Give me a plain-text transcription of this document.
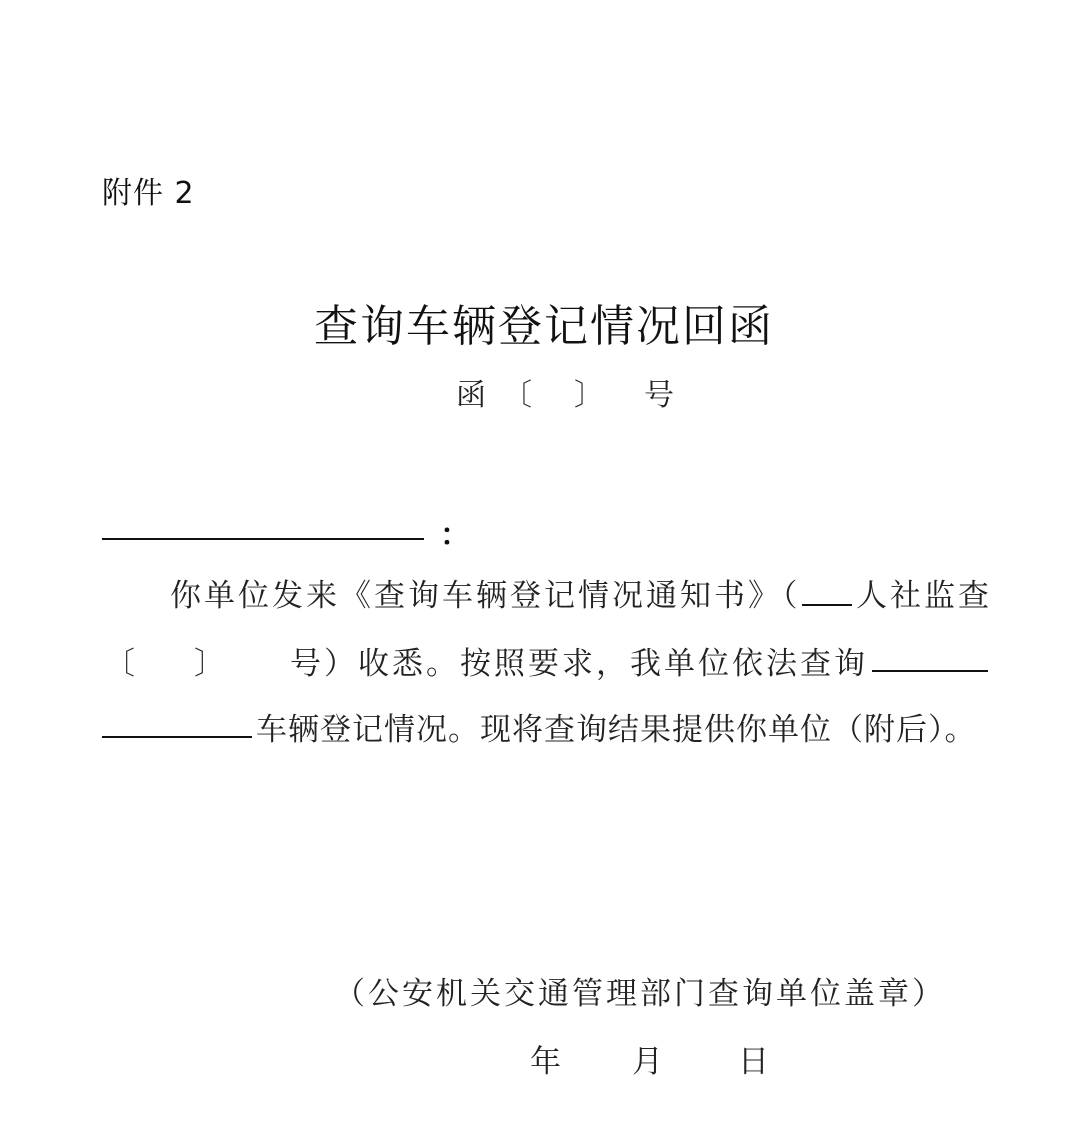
附件 2
查询车辆登记情况回函
函 〔 〕 号
：
你单位发来《查询车辆登记情况通知书》（ 人社监查
〔 〕 号）收悉。按照要求，我单位依法查询
车辆登记情况。现将查询结果提供你单位（附后）。
（公安机关交通管理部门查询单位盖章）
年 月 日
